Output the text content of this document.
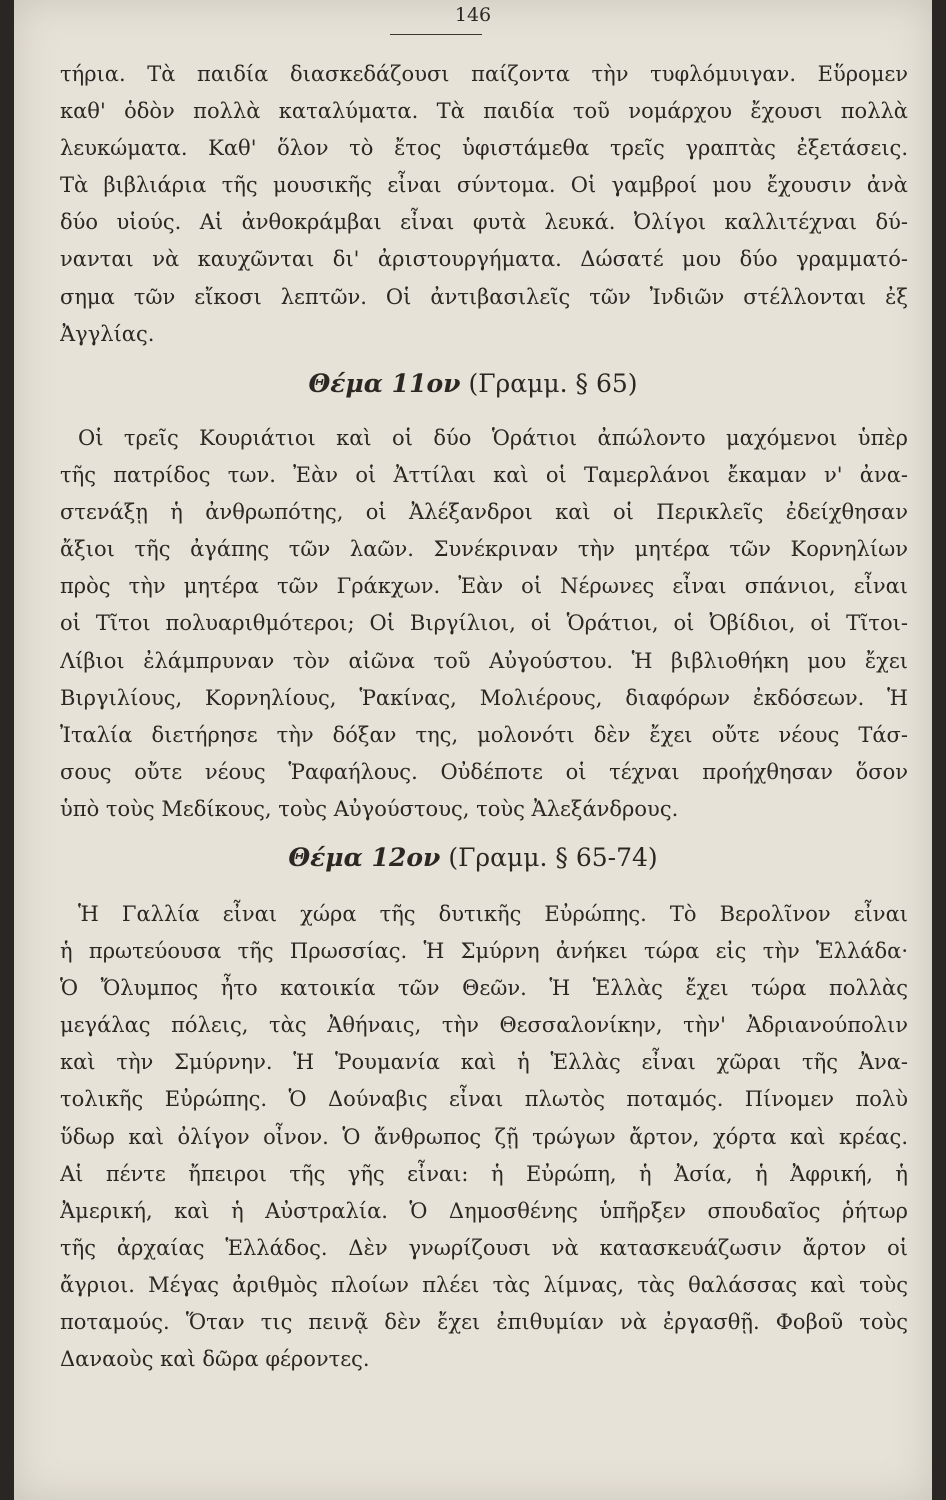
146
τήρια. Τὰ παιδία διασκεδάζουσι παίζοντα τὴν τυφλόμυιγαν. Εὕρομεν
καθ' ὁδὸν πολλὰ καταλύματα. Τὰ παιδία τοῦ νομάρχου ἔχουσι πολλὰ
λευκώματα. Καθ' ὅλον τὸ ἔτος ὑφιστάμεθα τρεῖς γραπτὰς ἐξετάσεις.
Τὰ βιβλιάρια τῆς μουσικῆς εἶναι σύντομα. Οἱ γαμβροί μου ἔχουσιν ἀνὰ
δύο υἱούς. Αἱ ἀνθοκράμβαι εἶναι φυτὰ λευκά. Ὀλίγοι καλλιτέχναι δύ-
νανται νὰ καυχῶνται δι' ἀριστουργήματα. Δώσατέ μου δύο γραμματό-
σημα τῶν εἴκοσι λεπτῶν. Οἱ ἀντιβασιλεῖς τῶν Ἰνδιῶν στέλλονται ἐξ
Ἀγγλίας.
Θέμα 11ον (Γραμμ. § 65)
Οἱ τρεῖς Κουριάτιοι καὶ οἱ δύο Ὁράτιοι ἀπώλοντο μαχόμενοι ὑπὲρ
τῆς πατρίδος των. Ἐὰν οἱ Ἀττίλαι καὶ οἱ Ταμερλάνοι ἔκαμαν ν' ἀνα-
στενάξῃ ἡ ἀνθρωπότης, οἱ Ἀλέξανδροι καὶ οἱ Περικλεῖς ἐδείχθησαν
ἄξιοι τῆς ἀγάπης τῶν λαῶν. Συνέκριναν τὴν μητέρα τῶν Κορνηλίων
πρὸς τὴν μητέρα τῶν Γράκχων. Ἐὰν οἱ Νέρωνες εἶναι σπάνιοι, εἶναι
οἱ Τῖτοι πολυαριθμότεροι; Οἱ Βιργίλιοι, οἱ Ὁράτιοι, οἱ Ὀβίδιοι, οἱ Τῖτοι-
Λίβιοι ἐλάμπρυναν τὸν αἰῶνα τοῦ Αὐγούστου. Ἡ βιβλιοθήκη μου ἔχει
Βιργιλίους, Κορνηλίους, Ῥακίνας, Μολιέρους, διαφόρων ἐκδόσεων. Ἡ
Ἰταλία διετήρησε τὴν δόξαν της, μολονότι δὲν ἔχει οὔτε νέους Τάσ-
σους οὔτε νέους Ῥαφαήλους. Οὐδέποτε οἱ τέχναι προήχθησαν ὅσον
ὑπὸ τοὺς Μεδίκους, τοὺς Αὐγούστους, τοὺς Ἀλεξάνδρους.
Θέμα 12ον (Γραμμ. § 65-74)
Ἡ Γαλλία εἶναι χώρα τῆς δυτικῆς Εὐρώπης. Τὸ Βερολῖνον εἶναι
ἡ πρωτεύουσα τῆς Πρωσσίας. Ἡ Σμύρνη ἀνήκει τώρα εἰς τὴν Ἑλλάδα·
Ὁ Ὄλυμπος ἦτο κατοικία τῶν Θεῶν. Ἡ Ἑλλὰς ἔχει τώρα πολλὰς
μεγάλας πόλεις, τὰς Ἀθήναις, τὴν Θεσσαλονίκην, τὴν' Ἀδριανούπολιν
καὶ τὴν Σμύρνην. Ἡ Ῥουμανία καὶ ἡ Ἑλλὰς εἶναι χῶραι τῆς Ἀνα-
τολικῆς Εὐρώπης. Ὁ Δούναβις εἶναι πλωτὸς ποταμός. Πίνομεν πολὺ
ὕδωρ καὶ ὀλίγον οἶνον. Ὁ ἄνθρωπος ζῇ τρώγων ἄρτον, χόρτα καὶ κρέας.
Αἱ πέντε ἤπειροι τῆς γῆς εἶναι: ἡ Εὐρώπη, ἡ Ἀσία, ἡ Ἀφρική, ἡ
Ἀμερική, καὶ ἡ Αὐστραλία. Ὁ Δημοσθένης ὑπῆρξεν σπουδαῖος ῥήτωρ
τῆς ἀρχαίας Ἑλλάδος. Δὲν γνωρίζουσι νὰ κατασκευάζωσιν ἄρτον οἱ
ἄγριοι. Μέγας ἀριθμὸς πλοίων πλέει τὰς λίμνας, τὰς θαλάσσας καὶ τοὺς
ποταμούς. Ὅταν τις πεινᾷ δὲν ἔχει ἐπιθυμίαν νὰ ἐργασθῇ. Φοβοῦ τοὺς
Δαναοὺς καὶ δῶρα φέροντες.
